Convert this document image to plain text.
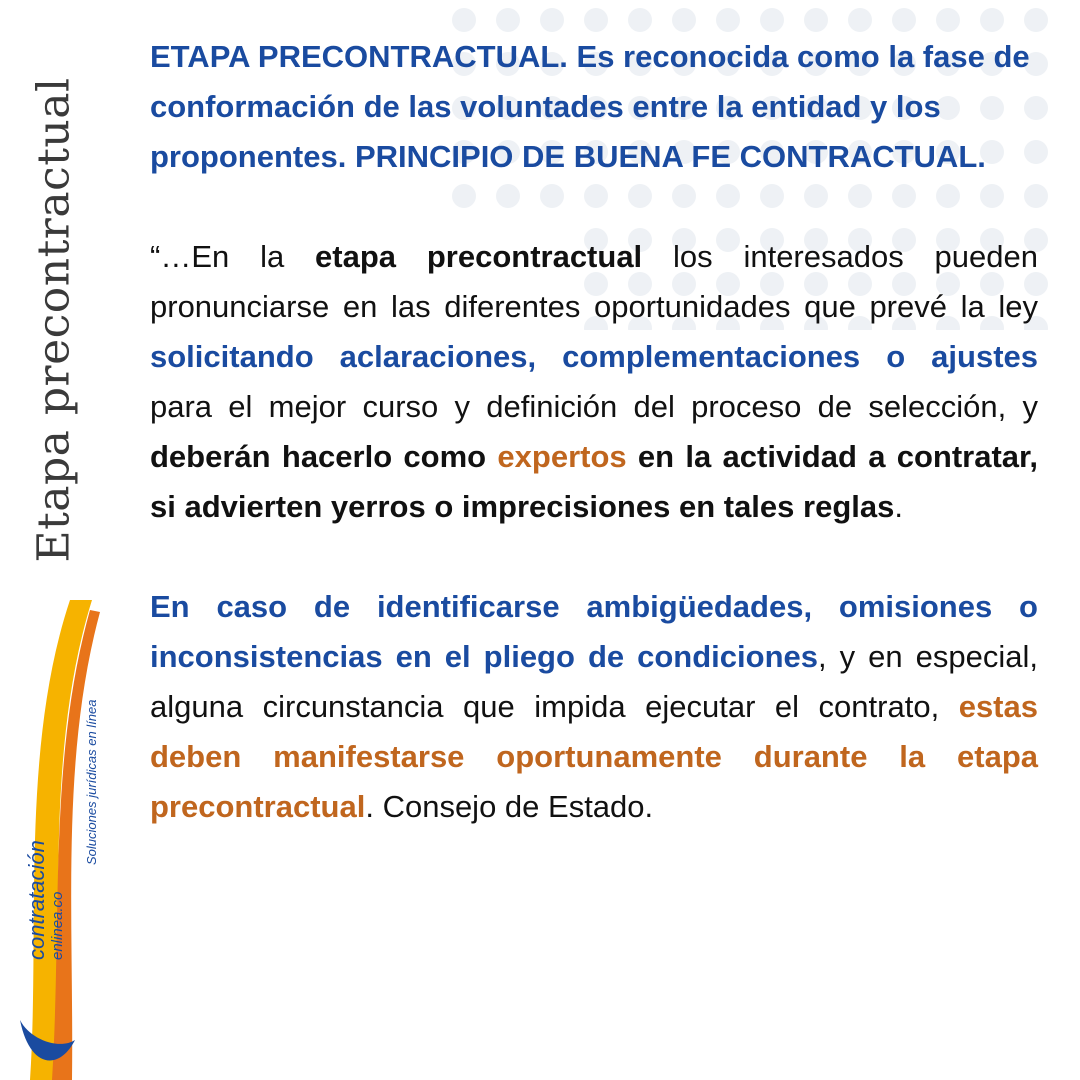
Etapa precontractual
contratación enlinea.co
Soluciones jurídicas en línea

ETAPA PRECONTRACTUAL. Es reconocida como la fase de conformación de las voluntades entre la entidad y los proponentes. PRINCIPIO DE BUENA FE CONTRACTUAL.

“…En la etapa precontractual los interesados pueden pronunciarse en las diferentes oportunidades que prevé la ley solicitando aclaraciones, complementaciones o ajustes para el mejor curso y definición del proceso de selección, y deberán hacerlo como expertos en la actividad a contratar, si advierten yerros o imprecisiones en tales reglas.

En caso de identificarse ambigüedades, omisiones o inconsistencias en el pliego de condiciones, y en especial, alguna circunstancia que impida ejecutar el contrato, estas deben manifestarse oportunamente durante la etapa precontractual. Consejo de Estado.
